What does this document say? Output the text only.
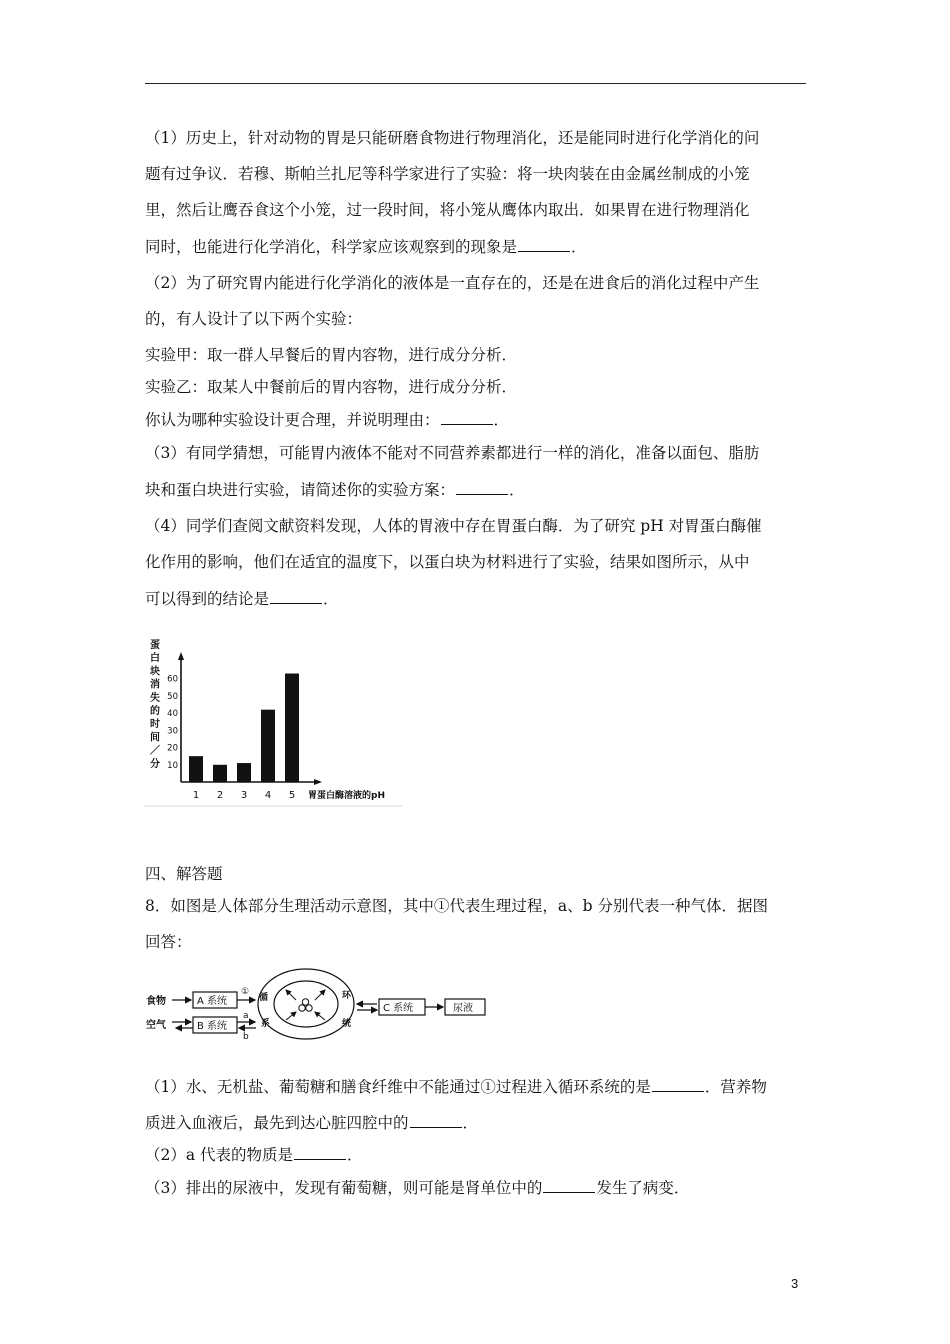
（1）历史上，针对动物的胃是只能研磨食物进行物理消化，还是能同时进行化学消化的问
题有过争议．若穆、斯帕兰扎尼等科学家进行了实验：将一块肉装在由金属丝制成的小笼
里，然后让鹰吞食这个小笼，过一段时间，将小笼从鹰体内取出．如果胃在进行物理消化
同时，也能进行化学消化，科学家应该观察到的现象是	．
（2）为了研究胃内能进行化学消化的液体是一直存在的，还是在进食后的消化过程中产生
的，有人设计了以下两个实验：
实验甲：取一群人早餐后的胃内容物，进行成分分析．
实验乙：取某人中餐前后的胃内容物，进行成分分析．
你认为哪种实验设计更合理，并说明理由：	．
（3）有同学猜想，可能胃内液体不能对不同营养素都进行一样的消化，准备以面包、脂肪
块和蛋白块进行实验，请简述你的实验方案：	．
（4）同学们查阅文献资料发现，人体的胃液中存在胃蛋白酶．为了研究 pH 对胃蛋白酶催
化作用的影响，他们在适宜的温度下，以蛋白块为材料进行了实验，结果如图所示，从中
可以得到的结论是	．
蛋
白
块
消
失
的
时
间
／
分 10
20
30
40
50
60
1 2 3 4 5 胃蛋白酶溶液的pH
四、解答题
8．如图是人体部分生理活动示意图，其中①代表生理过程，a、b 分别代表一种气体．据图
回答：
食物
空气
A 系统
B 系统
①
a
b
循	环
系	统
C 系统	尿液
（1）水、无机盐、葡萄糖和膳食纤维中不能通过①过程进入循环系统的是	．营养物
质进入血液后，最先到达心脏四腔中的	．
（2）a 代表的物质是	．
（3）排出的尿液中，发现有葡萄糖，则可能是肾单位中的	发生了病变．
3
